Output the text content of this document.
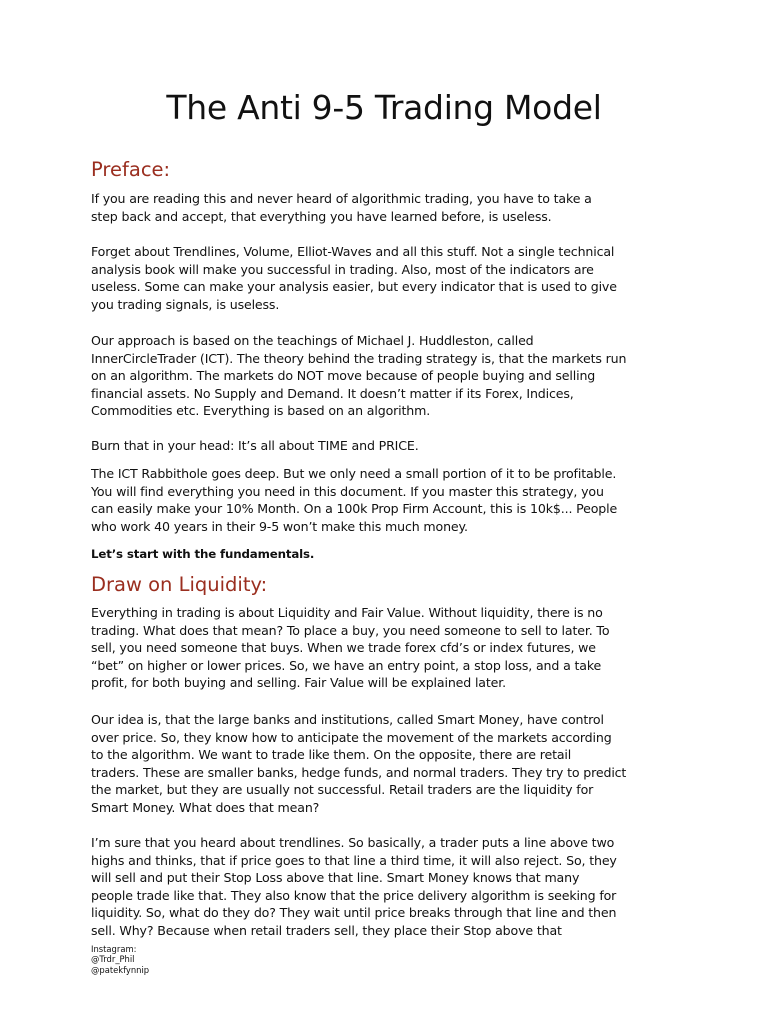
The Anti 9-5 Trading Model
Preface:

If you are reading this and never heard of algorithmic trading, you have to take a
step back and accept, that everything you have learned before, is useless.

Forget about Trendlines, Volume, Elliot-Waves and all this stuff. Not a single technical
analysis book will make you successful in trading. Also, most of the indicators are
useless. Some can make your analysis easier, but every indicator that is used to give
you trading signals, is useless.

Our approach is based on the teachings of Michael J. Huddleston, called
InnerCircleTrader (ICT). The theory behind the trading strategy is, that the markets run
on an algorithm. The markets do NOT move because of people buying and selling
financial assets. No Supply and Demand. It doesn’t matter if its Forex, Indices,
Commodities etc. Everything is based on an algorithm.

Burn that in your head: It’s all about TIME and PRICE.

The ICT Rabbithole goes deep. But we only need a small portion of it to be profitable.
You will find everything you need in this document. If you master this strategy, you
can easily make your 10% Month. On a 100k Prop Firm Account, this is 10k$... People
who work 40 years in their 9-5 won’t make this much money.

Let’s start with the fundamentals.

Draw on Liquidity:

Everything in trading is about Liquidity and Fair Value. Without liquidity, there is no
trading. What does that mean? To place a buy, you need someone to sell to later. To
sell, you need someone that buys. When we trade forex cfd’s or index futures, we
“bet” on higher or lower prices. So, we have an entry point, a stop loss, and a take
profit, for both buying and selling. Fair Value will be explained later.

Our idea is, that the large banks and institutions, called Smart Money, have control
over price. So, they know how to anticipate the movement of the markets according
to the algorithm. We want to trade like them. On the opposite, there are retail
traders. These are smaller banks, hedge funds, and normal traders. They try to predict
the market, but they are usually not successful. Retail traders are the liquidity for
Smart Money. What does that mean?

I’m sure that you heard about trendlines. So basically, a trader puts a line above two
highs and thinks, that if price goes to that line a third time, it will also reject. So, they
will sell and put their Stop Loss above that line. Smart Money knows that many
people trade like that. They also know that the price delivery algorithm is seeking for
liquidity. So, what do they do? They wait until price breaks through that line and then
sell. Why? Because when retail traders sell, they place their Stop above that

Instagram:
@Trdr_Phil
@patekfynnip
